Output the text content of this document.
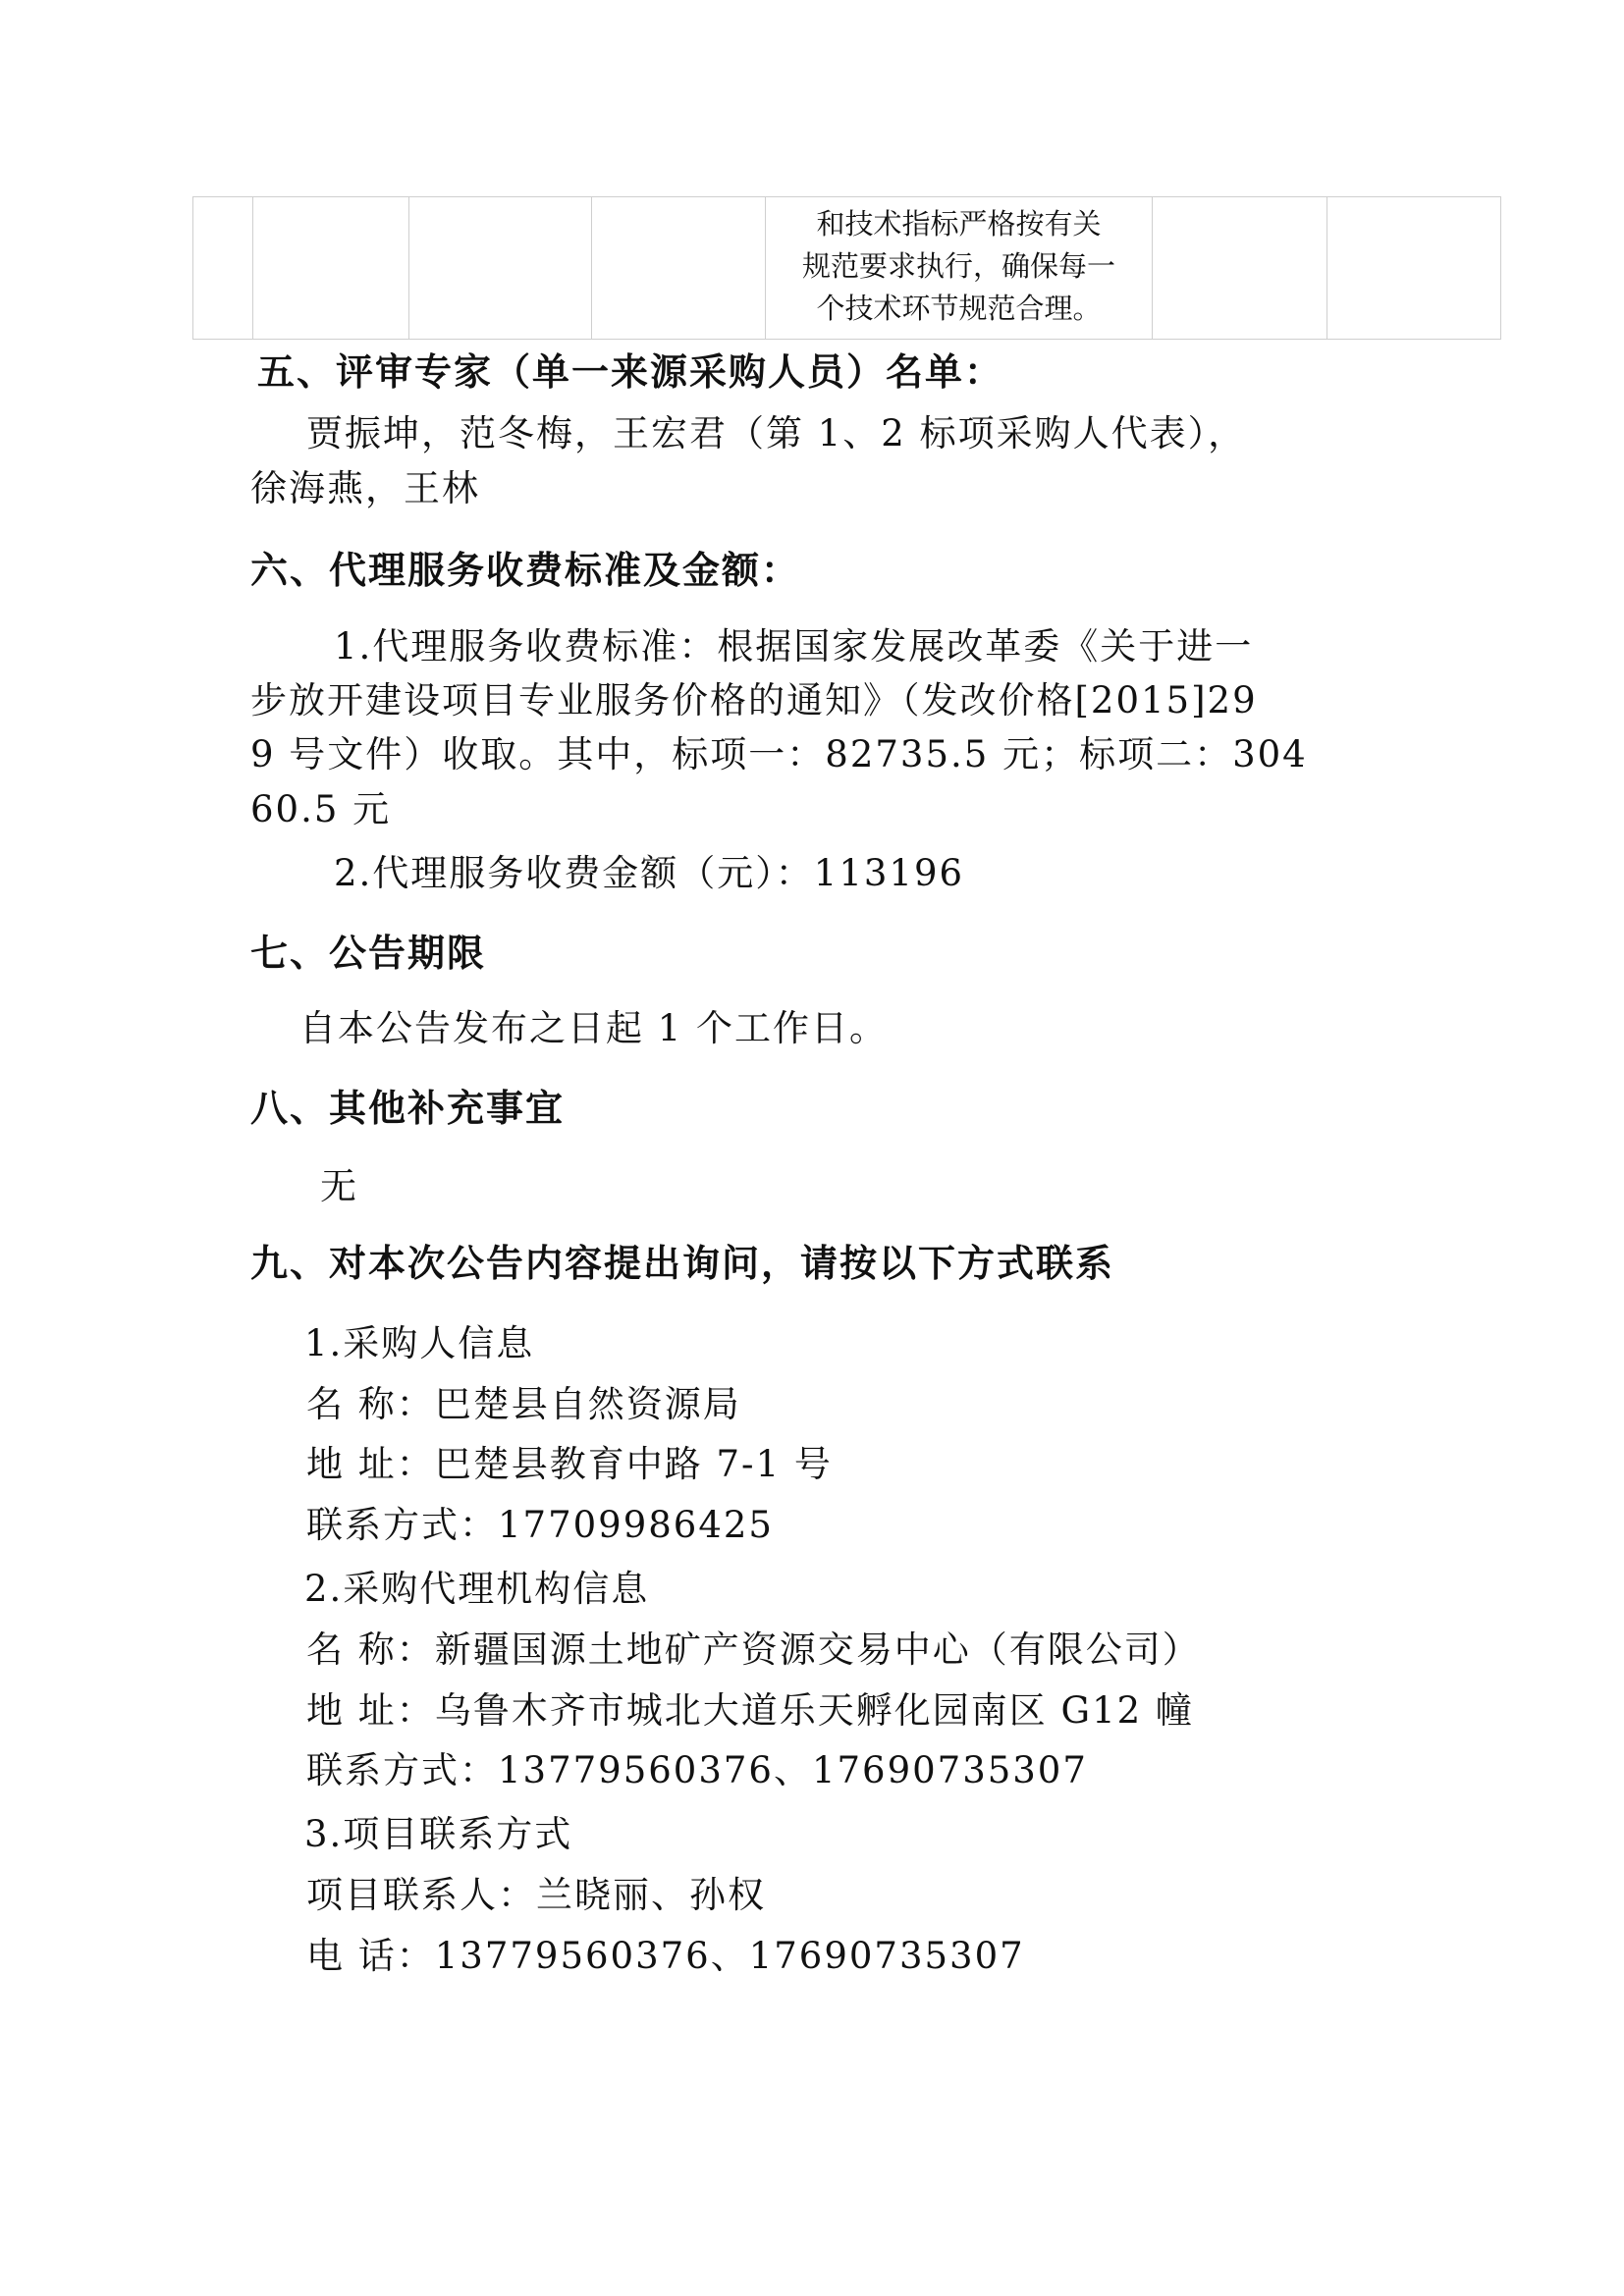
和技术指标严格按有关
规范要求执行，确保每一
个技术环节规范合理。

五、评审专家（单一来源采购人员）名单：
贾振坤，范冬梅，王宏君（第 1、2 标项采购人代表），
徐海燕，王林
六、代理服务收费标准及金额：
1.代理服务收费标准：根据国家发展改革委《关于进一
步放开建设项目专业服务价格的通知》（发改价格[2015]29
9 号文件）收取。其中，标项一：82735.5 元；标项二：304
60.5 元
2.代理服务收费金额（元）：113196
七、公告期限
自本公告发布之日起 1 个工作日。
八、其他补充事宜
无
九、对本次公告内容提出询问，请按以下方式联系
1.采购人信息
名 称：巴楚县自然资源局
地 址：巴楚县教育中路 7-1 号
联系方式：17709986425
2.采购代理机构信息
名 称：新疆国源土地矿产资源交易中心（有限公司）
地 址：乌鲁木齐市城北大道乐天孵化园南区 G12 幢
联系方式：13779560376、17690735307
3.项目联系方式
项目联系人：兰晓丽、孙权
电 话：13779560376、17690735307
